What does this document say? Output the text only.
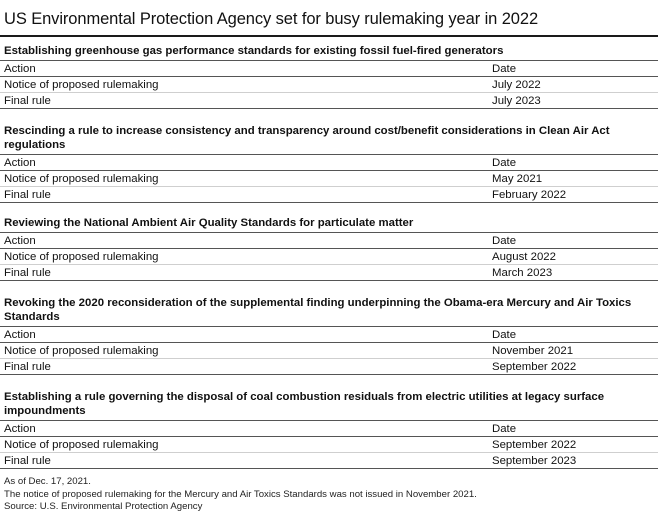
US Environmental Protection Agency set for busy rulemaking year in 2022
Establishing greenhouse gas performance standards for existing fossil fuel-fired generators
Action	Date
Notice of proposed rulemaking	July 2022
Final rule	July 2023
Rescinding a rule to increase consistency and transparency around cost/benefit considerations in Clean Air Act regulations
Action	Date
Notice of proposed rulemaking	May 2021
Final rule	February 2022
Reviewing the National Ambient Air Quality Standards for particulate matter
Action	Date
Notice of proposed rulemaking	August 2022
Final rule	March 2023
Revoking the 2020 reconsideration of the supplemental finding underpinning the Obama-era Mercury and Air Toxics Standards
Action	Date
Notice of proposed rulemaking	November 2021
Final rule	September 2022
Establishing a rule governing the disposal of coal combustion residuals from electric utilities at legacy surface impoundments
Action	Date
Notice of proposed rulemaking	September 2022
Final rule	September 2023
As of Dec. 17, 2021.
The notice of proposed rulemaking for the Mercury and Air Toxics Standards was not issued in November 2021.
Source: U.S. Environmental Protection Agency
